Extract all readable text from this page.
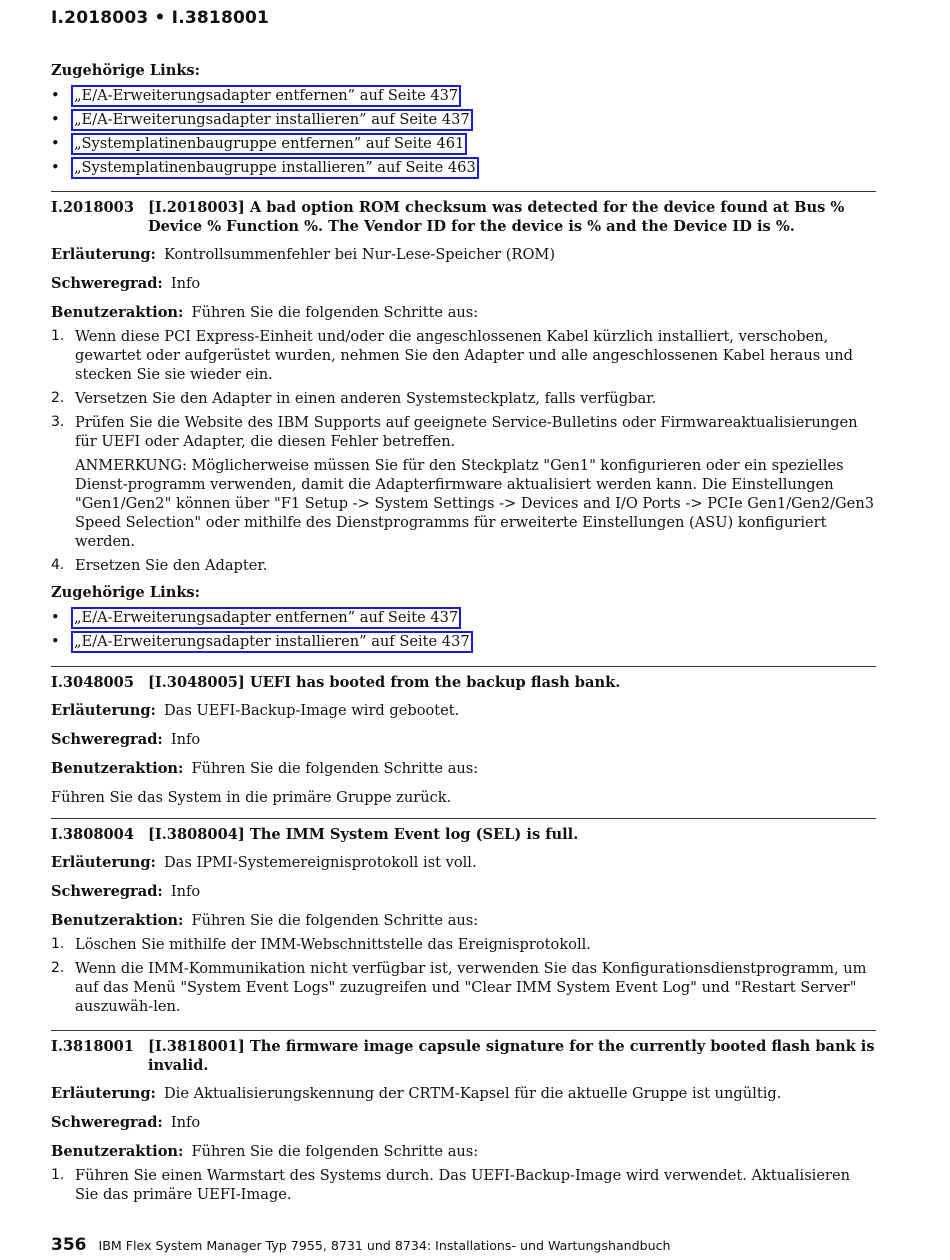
I.2018003 • I.3818001
Zugehörige Links:
• „E/A-Erweiterungsadapter entfernen” auf Seite 437
• „E/A-Erweiterungsadapter installieren” auf Seite 437
• „Systemplatinenbaugruppe entfernen” auf Seite 461
• „Systemplatinenbaugruppe installieren” auf Seite 463
I.2018003 [I.2018003] A bad option ROM checksum was detected for the device found at Bus % Device % Function %. The Vendor ID for the device is % and the Device ID is %.
Erläuterung: Kontrollsummenfehler bei Nur-Lese-Speicher (ROM)
Schweregrad: Info
Benutzeraktion: Führen Sie die folgenden Schritte aus:
1. Wenn diese PCI Express-Einheit und/oder die angeschlossenen Kabel kürzlich installiert, verschoben, gewartet oder aufgerüstet wurden, nehmen Sie den Adapter und alle angeschlossenen Kabel heraus und stecken Sie sie wieder ein.
2. Versetzen Sie den Adapter in einen anderen Systemsteckplatz, falls verfügbar.
3. Prüfen Sie die Website des IBM Supports auf geeignete Service-Bulletins oder Firmwareaktualisierungen für UEFI oder Adapter, die diesen Fehler betreffen.
ANMERKUNG: Möglicherweise müssen Sie für den Steckplatz "Gen1" konfigurieren oder ein spezielles Dienst-programm verwenden, damit die Adapterfirmware aktualisiert werden kann. Die Einstellungen "Gen1/Gen2" können über "F1 Setup -> System Settings -> Devices and I/O Ports -> PCIe Gen1/Gen2/Gen3 Speed Selection" oder mithilfe des Dienstprogramms für erweiterte Einstellungen (ASU) konfiguriert werden.
4. Ersetzen Sie den Adapter.
Zugehörige Links:
• „E/A-Erweiterungsadapter entfernen” auf Seite 437
• „E/A-Erweiterungsadapter installieren” auf Seite 437
I.3048005 [I.3048005] UEFI has booted from the backup flash bank.
Erläuterung: Das UEFI-Backup-Image wird gebootet.
Schweregrad: Info
Benutzeraktion: Führen Sie die folgenden Schritte aus:
Führen Sie das System in die primäre Gruppe zurück.
I.3808004 [I.3808004] The IMM System Event log (SEL) is full.
Erläuterung: Das IPMI-Systemereignisprotokoll ist voll.
Schweregrad: Info
Benutzeraktion: Führen Sie die folgenden Schritte aus:
1. Löschen Sie mithilfe der IMM-Webschnittstelle das Ereignisprotokoll.
2. Wenn die IMM-Kommunikation nicht verfügbar ist, verwenden Sie das Konfigurationsdienstprogramm, um auf das Menü "System Event Logs" zuzugreifen und "Clear IMM System Event Log" und "Restart Server" auszuwäh-len.
I.3818001 [I.3818001] The firmware image capsule signature for the currently booted flash bank is invalid.
Erläuterung: Die Aktualisierungskennung der CRTM-Kapsel für die aktuelle Gruppe ist ungültig.
Schweregrad: Info
Benutzeraktion: Führen Sie die folgenden Schritte aus:
1. Führen Sie einen Warmstart des Systems durch. Das UEFI-Backup-Image wird verwendet. Aktualisieren Sie das primäre UEFI-Image.
356 IBM Flex System Manager Typ 7955, 8731 und 8734: Installations- und Wartungshandbuch
